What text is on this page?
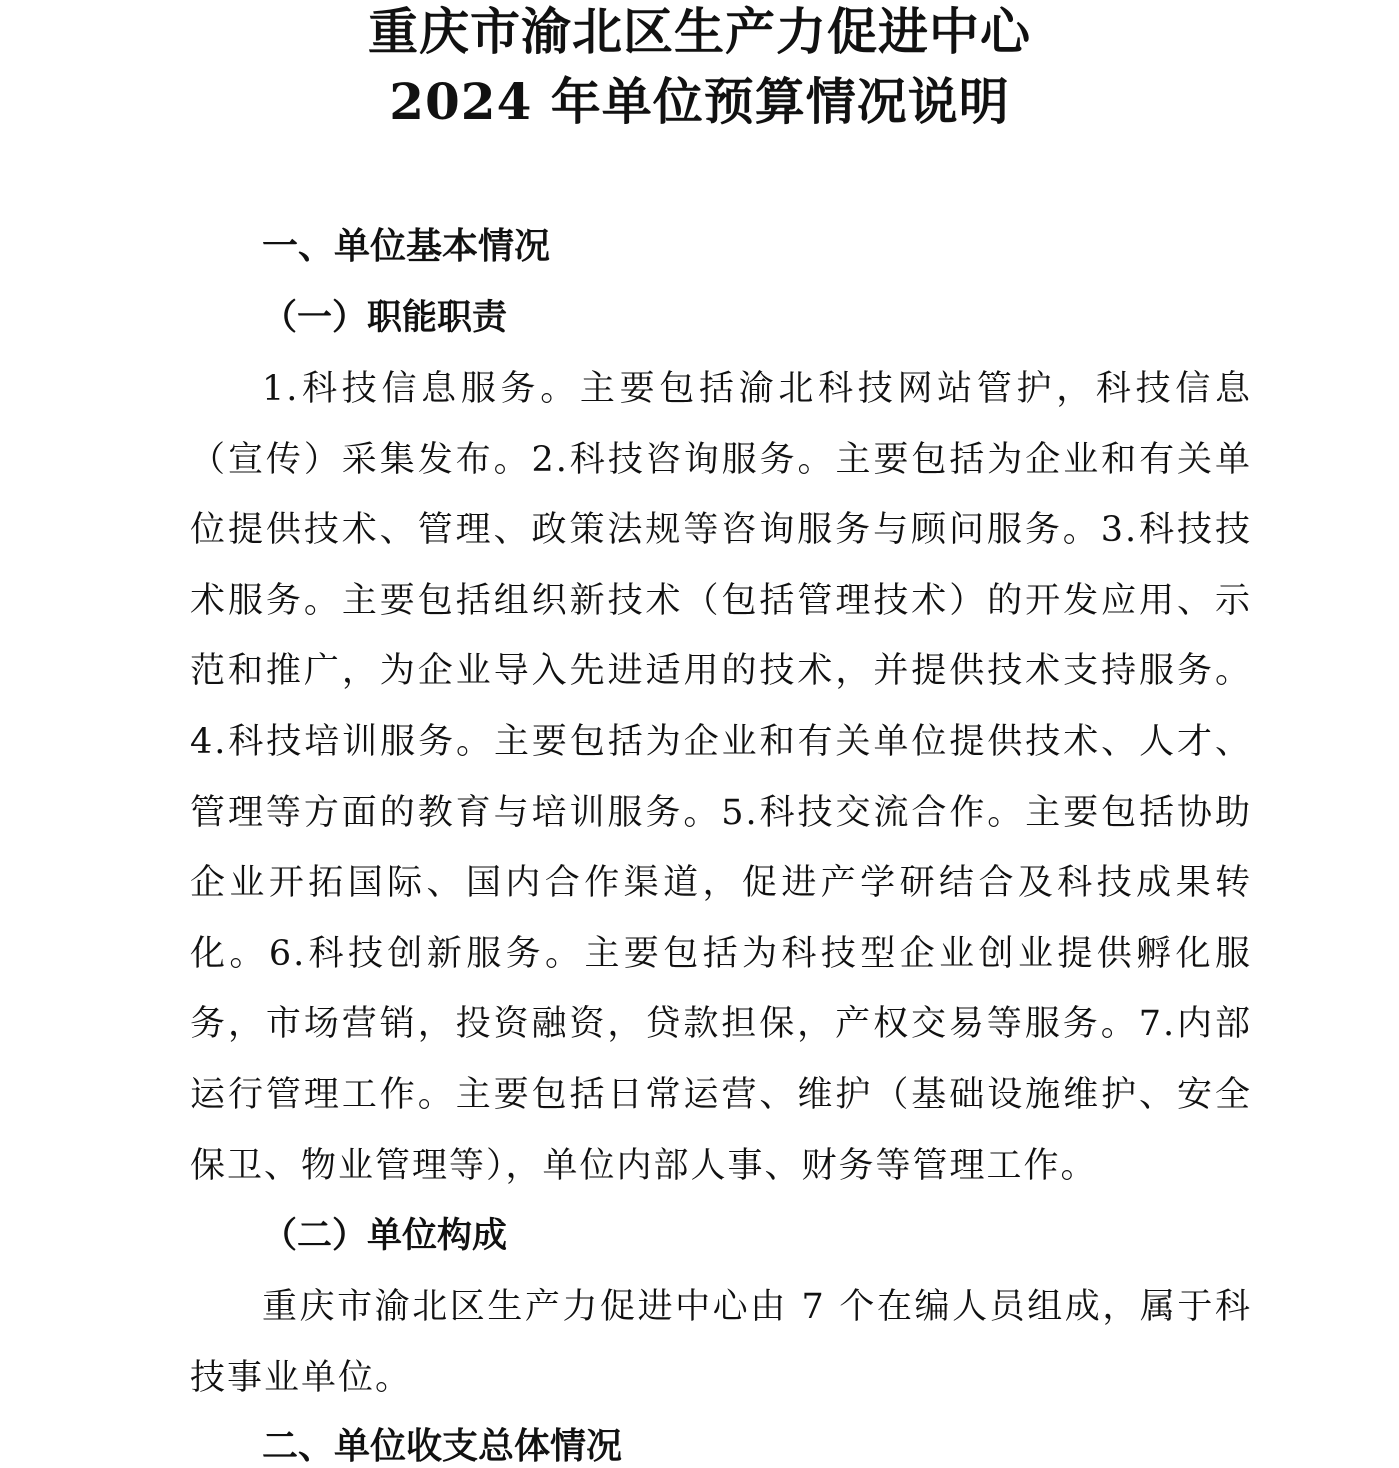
重庆市渝北区生产力促进中心
2024 年单位预算情况说明
一、单位基本情况
（一）职能职责

1.科技信息服务。主要包括渝北科技网站管护，科技信息（宣传）采集发布。2.科技咨询服务。主要包括为企业和有关单位提供技术、管理、政策法规等咨询服务与顾问服务。3.科技技术服务。主要包括组织新技术（包括管理技术）的开发应用、示范和推广，为企业导入先进适用的技术，并提供技术支持服务。4.科技培训服务。主要包括为企业和有关单位提供技术、人才、管理等方面的教育与培训服务。5.科技交流合作。主要包括协助企业开拓国际、国内合作渠道，促进产学研结合及科技成果转化。6.科技创新服务。主要包括为科技型企业创业提供孵化服务，市场营销，投资融资，贷款担保，产权交易等服务。7.内部运行管理工作。主要包括日常运营、维护（基础设施维护、安全保卫、物业管理等），单位内部人事、财务等管理工作。

（二）单位构成

重庆市渝北区生产力促进中心由 7 个在编人员组成，属于科技事业单位。

二、单位收支总体情况
